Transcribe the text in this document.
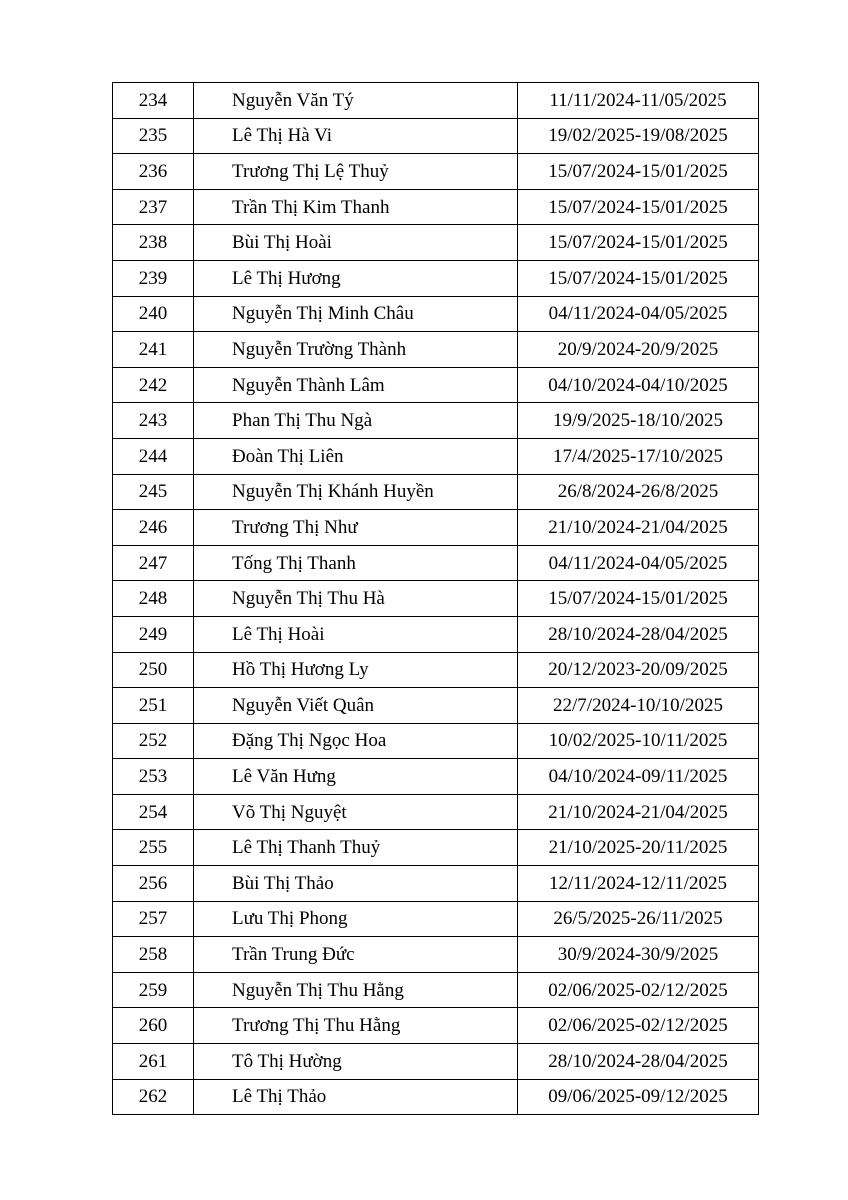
234	Nguyễn Văn Tý	11/11/2024-11/05/2025
235	Lê Thị Hà Vi	19/02/2025-19/08/2025
236	Trương Thị Lệ Thuỷ	15/07/2024-15/01/2025
237	Trần Thị Kim Thanh	15/07/2024-15/01/2025
238	Bùi Thị Hoài	15/07/2024-15/01/2025
239	Lê Thị Hương	15/07/2024-15/01/2025
240	Nguyễn Thị Minh Châu	04/11/2024-04/05/2025
241	Nguyễn Trường Thành	20/9/2024-20/9/2025
242	Nguyễn Thành Lâm	04/10/2024-04/10/2025
243	Phan Thị Thu Ngà	19/9/2025-18/10/2025
244	Đoàn Thị Liên	17/4/2025-17/10/2025
245	Nguyễn Thị Khánh Huyền	26/8/2024-26/8/2025
246	Trương Thị Như	21/10/2024-21/04/2025
247	Tống Thị Thanh	04/11/2024-04/05/2025
248	Nguyễn Thị Thu Hà	15/07/2024-15/01/2025
249	Lê Thị Hoài	28/10/2024-28/04/2025
250	Hồ Thị Hương Ly	20/12/2023-20/09/2025
251	Nguyễn Viết Quân	22/7/2024-10/10/2025
252	Đặng Thị Ngọc Hoa	10/02/2025-10/11/2025
253	Lê Văn Hưng	04/10/2024-09/11/2025
254	Võ Thị Nguyệt	21/10/2024-21/04/2025
255	Lê Thị Thanh Thuỷ	21/10/2025-20/11/2025
256	Bùi Thị Thảo	12/11/2024-12/11/2025
257	Lưu Thị Phong	26/5/2025-26/11/2025
258	Trần Trung Đức	30/9/2024-30/9/2025
259	Nguyễn Thị Thu Hằng	02/06/2025-02/12/2025
260	Trương Thị Thu Hằng	02/06/2025-02/12/2025
261	Tô Thị Hường	28/10/2024-28/04/2025
262	Lê Thị Thảo	09/06/2025-09/12/2025
